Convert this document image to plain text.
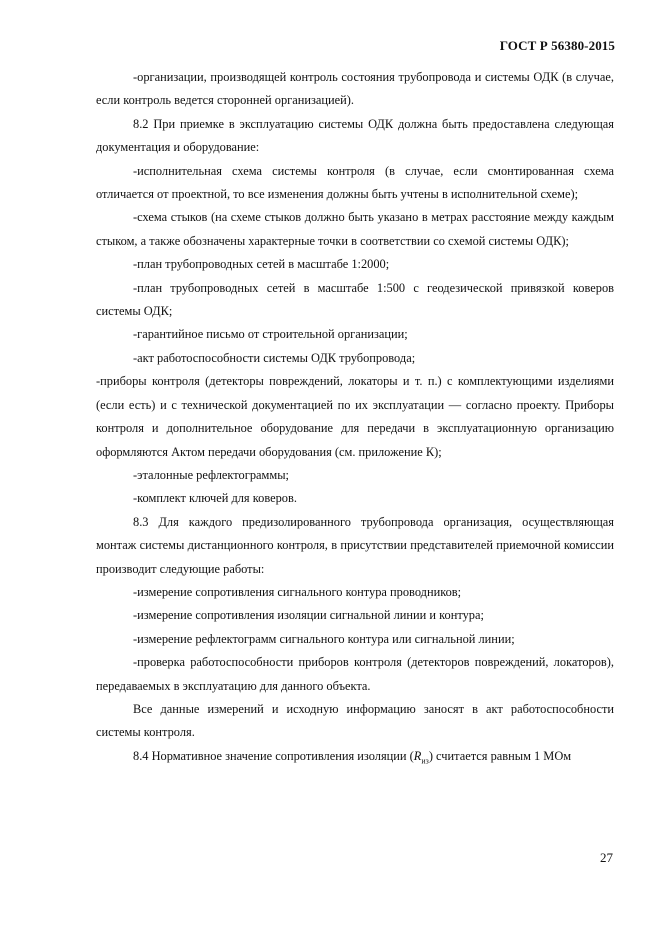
ГОСТ Р 56380-2015

-организации, производящей контроль состояния трубопровода и системы ОДК (в случае, если контроль ведется сторонней организацией).

8.2 При приемке в эксплуатацию системы ОДК должна быть предоставлена следующая документация и оборудование:

-исполнительная схема системы контроля (в случае, если смонтированная схема отличается от проектной, то все изменения должны быть учтены в исполнительной схеме);

-схема стыков (на схеме стыков должно быть указано в метрах расстояние между каждым стыком, а также обозначены характерные точки в соответствии со схемой системы ОДК);

-план трубопроводных сетей в масштабе 1:2000;

-план трубопроводных сетей в масштабе 1:500 с геодезической привязкой коверов системы ОДК;

-гарантийное письмо от строительной организации;

-акт работоспособности системы ОДК трубопровода;

-приборы контроля (детекторы повреждений, локаторы и т. п.) с комплектующими изделиями (если есть) и с технической документацией по их эксплуатации — согласно проекту. Приборы контроля и дополнительное оборудование для передачи в эксплуатационную организацию оформляются Актом передачи оборудования (см. приложение К);

-эталонные рефлектограммы;

-комплект ключей для коверов.

8.3 Для каждого предизолированного трубопровода организация, осуществляющая монтаж системы дистанционного контроля, в присутствии представителей приемочной комиссии производит следующие работы:

-измерение сопротивления сигнального контура проводников;

-измерение сопротивления изоляции сигнальной линии и контура;

-измерение рефлектограмм сигнального контура или сигнальной линии;

-проверка работоспособности приборов контроля (детекторов повреждений, локаторов), передаваемых в эксплуатацию для данного объекта.

Все данные измерений и исходную информацию заносят в акт работоспособности системы контроля.

8.4 Нормативное значение сопротивления изоляции $(R_{из})$ считается равным 1 МОм

27
